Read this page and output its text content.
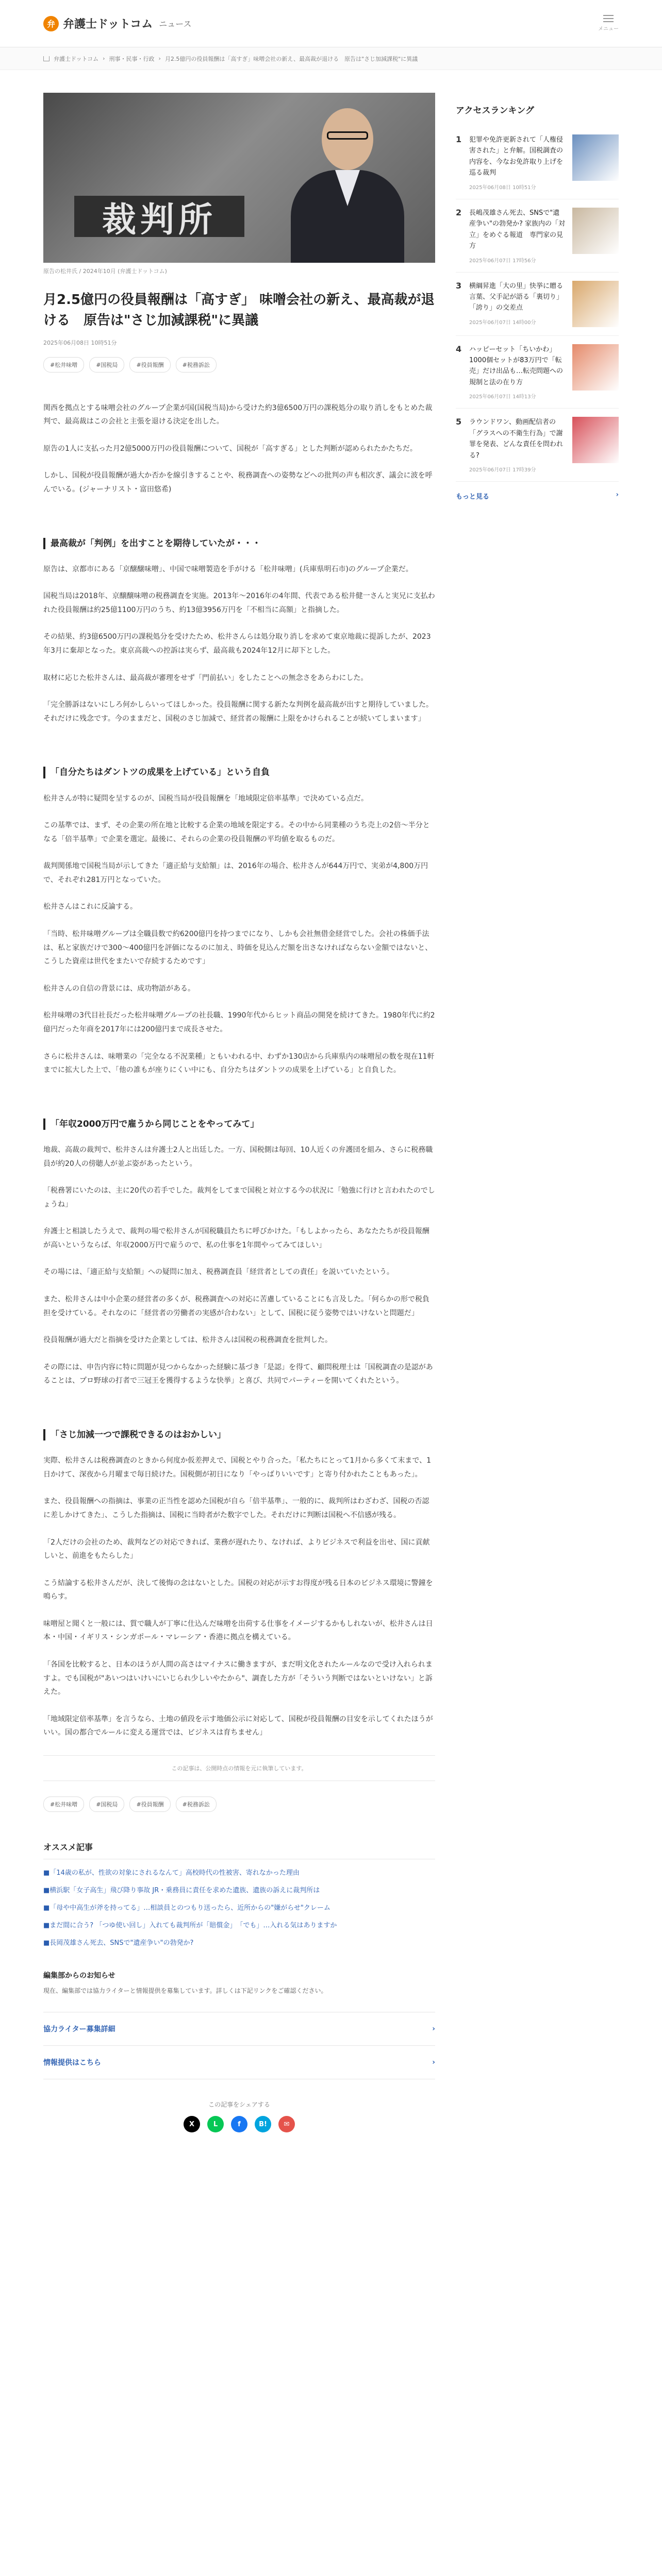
弁 弁護士ドットコム ニュース
メニュー
弁護士ドットコム › 刑事・民事・行政 › 月2.5億円の役員報酬は「高すぎ」味噌会社の新え、最高裁が退ける　原告は"さじ加減課税"に異議
裁判所
原告の松井氏 / 2024年10月 (弁護士ドットコム)
月2.5億円の役員報酬は「高すぎ」 味噌会社の新え、最高裁が退ける　原告は"さじ加減課税"に異議
2025年06月08日 10時51分
#松井味噌	#国税局	#役員報酬	#税務訴訟

関西を拠点とする味噌会社のグループ企業が国(国税当局)から受けた約3億6500万円の課税処分の取り消しをもとめた裁判で、最高裁はこの会社と主張を退ける決定を出した。

原告の1人に支払った月2億5000万円の役員報酬について、国税が「高すぎる」とした判断が認められたかたちだ。

しかし、国税が役員報酬が過大か否かを線引きすることや、税務調査への姿勢などへの批判の声も相次ぎ、議会に波を呼んでいる。(ジャーナリスト・富田悠希)

最高裁が「判例」を出すことを期待していたが・・・

原告は、京都市にある「京醸醸味噌」、中国で味噌製造を手がける「松井味噌」(兵庫県明石市)のグループ企業だ。

国税当局は2018年、京醸醸味噌の税務調査を実施。2013年〜2016年の4年間、代表である松井健一さんと実兄に支払われた役員報酬は約25億1100万円のうち、約13億3956万円を「不相当に高額」と指摘した。

その結果、約3億6500万円の課税処分を受けたため、松井さんらは処分取り消しを求めて東京地裁に提訴したが、2023年3月に棄却となった。東京高裁への控訴は実らず、最高裁も2024年12月に却下とした。

取材に応じた松井さんは、最高裁が審理をせず「門前払い」をしたことへの無念さをあらわにした。

「完全勝訴はないにしろ何かしらいってほしかった。役員報酬に関する新たな判例を最高裁が出すと期待していました。それだけに残念です。今のままだと、国税のさじ加減で、経営者の報酬に上限をかけられることが続いてしまいます」

「自分たちはダントツの成果を上げている」という自負

松井さんが特に疑問を呈するのが、国税当局が役員報酬を「地域限定倍率基準」で決めている点だ。

この基準では、まず、その企業の所在地と比較する企業の地域を限定する。その中から同業種のうち売上の2倍〜半分となる「倍半基準」で企業を選定。最後に、それらの企業の役員報酬の平均値を取るものだ。

裁判関係地で国税当局が示してきた「適正給与支給額」は、2016年の場合、松井さんが644万円で、実弟が4,800万円で、それぞれ281万円となっていた。

松井さんはこれに反論する。

「当時、松井味噌グループは全職員数で約6200億円を持つまでになり、しかも会社無借金経営でした。会社の株価手法は、私と家族だけで300〜400億円を評価になるのに加え、時価を見込んだ額を出さなければならない金額ではないと、こうした資産は世代をまたいで存続するためです」

松井さんの自信の背景には、成功物語がある。

松井味噌の3代目社長だった松井味噌グループの社長職、1990年代からヒット商品の開発を続けてきた。1980年代に約2億円だった年商を2017年には200億円まで成長させた。

さらに松井さんは、味噌業の「完全なる不況業種」ともいわれる中、わずか130店から兵庫県内の味噌屋の数を現在11軒までに拡大した上で、「他の誰もが座りにくい中にも、自分たちはダントツの成果を上げている」と自負した。

「年収2000万円で雇うから同じことをやってみて」

地裁、高裁の裁判で、松井さんは弁護士2人と出廷した。一方、国税側は毎回、10人近くの弁護団を組み、さらに税務職員が約20人の傍聴人が並ぶ姿があったという。

「税務署にいたのは、主に20代の若手でした。裁判をしてまで国税と対立する今の状況に「勉強に行けと言われたのでしょうね」

弁護士と相談したうえで、裁判の場で松井さんが国税職員たちに呼びかけた。「もしよかったら、あなたたちが役員報酬が高いというならば、年収2000万円で雇うので、私の仕事を1年間やってみてほしい」

その場には、「適正給与支給額」への疑問に加え、税務調査員「経営者としての責任」を説いていたという。

また、松井さんは中小企業の経営者の多くが、税務調査への対応に苦慮していることにも言及した。「何らかの形で税負担を受けている。それなのに「経営者の労働者の実感が合わない」として、国税に従う姿勢ではいけないと問題だ」

役員報酬が過大だと指摘を受けた企業としては、松井さんは国税の税務調査を批判した。

その際には、申告内容に特に問題が見つからなかった経験に基づき「是認」を得て、顧問税理士は「国税調査の是認があることは、プロ野球の打者で三冠王を獲得するような快挙」と喜び、共同でパーティーを開いてくれたという。

「さじ加減一つで課税できるのはおかしい」

実際、松井さんは税務調査のときから何度か仮差押えで、国税とやり合った。「私たちにとって1月から多くて末まで、1日かけて、深夜から月曜まで毎日続けた。国税側が初日になり「やっばりいいです」と寄り付かれたこともあった」。

また、役員報酬への指摘は、事業の正当性を認めた国税が自ら「倍半基準」、一般的に、裁判所はわざわざ、国税の否認に差しかけてきた」、こうした指摘は、国税に当時者がた数字でした。それだけに判断は国税へ不信感が残る。

「2人だけの会社のため、裁判などの対応できれば、業務が遅れたり、なければ、よりビジネスで利益を出せ、国に貢献しいと、前進をもたらした」

こう結論する松井さんだが、決して後悔の念はないとした。国税の対応が示すお得度が残る日本のビジネス環境に警鐘を鳴らす。

味噌屋と聞くと一般には、質で職人が丁寧に仕込んだ味噌を出荷する仕事をイメージするかもしれないが、松井さんは日本・中国・イギリス・シンガポール・マレーシア・香港に拠点を構えている。

「各国を比較すると、日本のほうが人間の高さはマイナスに働きますが、まだ明文化されたルールなので受け入れられますよ。でも国税が"あいつはいけいにいじられ少しいやたから"、調査した方が「そういう判断ではないといけない」と訴えた。

「地域限定倍率基準」を言うなら、土地の値段を示す地価公示に対応して、国税が役員報酬の目安を示してくれたほうがいい。国の都合でルールに変える運営では、ビジネスは育ちません」

この記事は、公開時点の情報を元に執筆しています。
#松井味噌	#国税局	#役員報酬	#税務訴訟
オススメ記事
■「14歳の私が、性欲の対象にされるなんて」高校時代の性被害、寄れなかった理由
■横浜駅「女子高生」飛び降り事故 JR・乗務員に責任を求めた遺族、遺族の訴えに裁判所は
■「母や中高生が斧を持ってる」…相談員とのつもり送ったら、近所からの"嫌がらせ"クレーム
■まだ間に合う? 「つゆ使い回し」入れても裁判所が「賠償金」　「でも」…入れる気はありますか
■長岡茂雄さん死去、SNSで"遺産争い"の勃発か?
編集部からのお知らせ
現在、編集部では協力ライターと情報提供を募集しています。詳しくは下記リンクをご確認ください。
協力ライター募集詳細	›
情報提供はこちら	›
この記事をシェアする
X	L	f	B!	✉
アクセスランキング
1 犯罪や免許更新されて「人権侵害された」と弁解。国税調査の内容を、今なお免許取り上げを巡る裁判
2025年06月08日 10時51分
2 長嶋茂雄さん死去、SNSで"遺産争い"の勃発か? 家族内の「対立」をめぐる報道　専門家の見方
2025年06月07日 17時56分
3 横綱昇進「大の里」快挙に贈る言葉、父手記が語る「裏切り」「誇り」の交差点
2025年06月07日 14時00分
4 ハッピーセット「ちいかわ」1000個セットが83万円で「転売」だけ出品も…転売問題への規制と法の在り方
2025年06月07日 14時13分
5 ラウンドワン、動画配信者の「グラスへの不衛生行為」で謝罪を発表、どんな責任を問われる?
2025年06月07日 17時39分
もっと見る	›
